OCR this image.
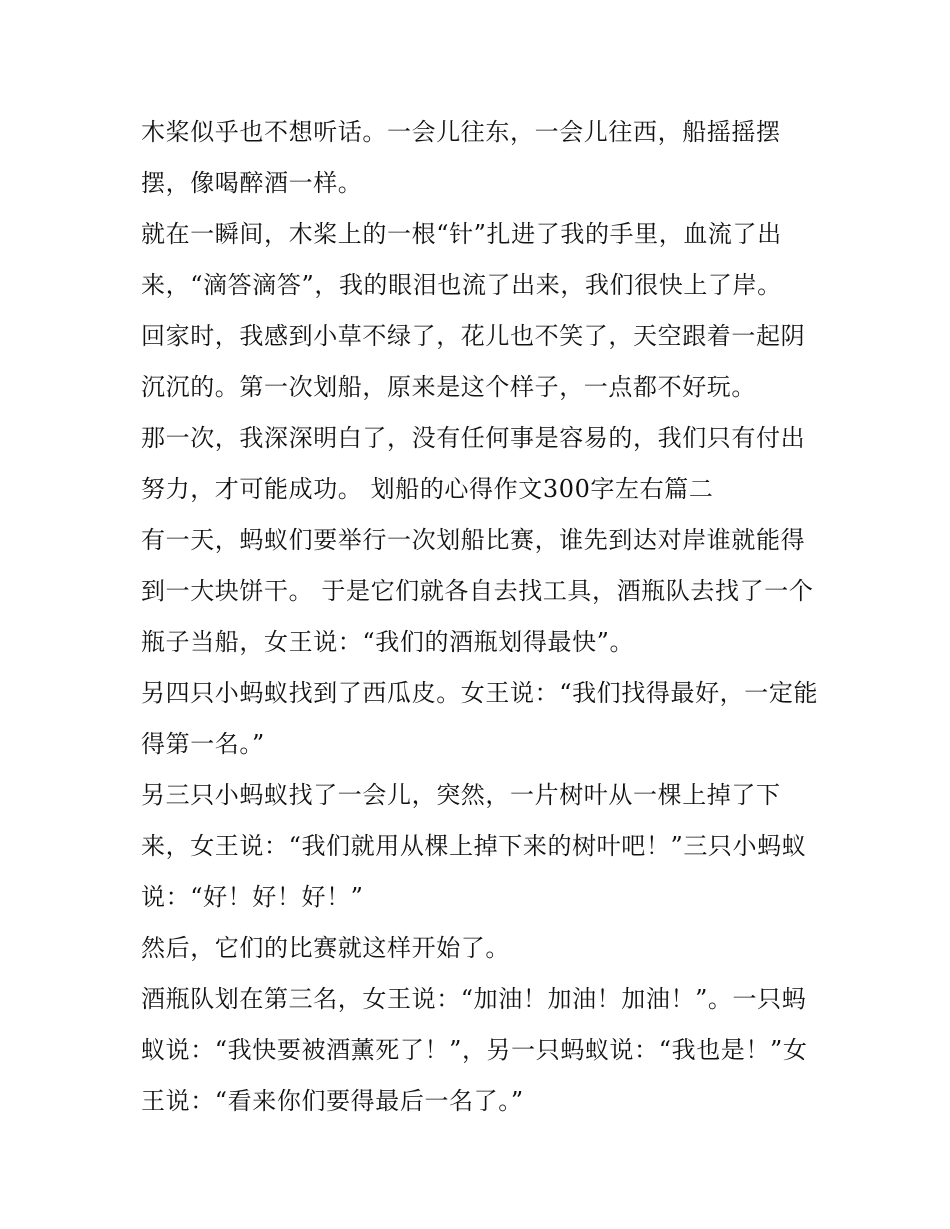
木桨似乎也不想听话。一会儿往东，一会儿往西，船摇摇摆摆，像喝醉酒一样。

就在一瞬间，木桨上的一根“针”扎进了我的手里，血流了出来，“滴答滴答”，我的眼泪也流了出来，我们很快上了岸。

回家时，我感到小草不绿了，花儿也不笑了，天空跟着一起阴沉沉的。第一次划船，原来是这个样子，一点都不好玩。

那一次，我深深明白了，没有任何事是容易的，我们只有付出努力，才可能成功。 划船的心得作文300字左右篇二

有一天，蚂蚁们要举行一次划船比赛，谁先到达对岸谁就能得到一大块饼干。 于是它们就各自去找工具，酒瓶队去找了一个瓶子当船，女王说：“我们的酒瓶划得最快”。

另四只小蚂蚁找到了西瓜皮。女王说：“我们找得最好，一定能得第一名。”

另三只小蚂蚁找了一会儿，突然，一片树叶从一棵上掉了下来，女王说：“我们就用从棵上掉下来的树叶吧！”三只小蚂蚁说：“好！好！好！”

然后，它们的比赛就这样开始了。

酒瓶队划在第三名，女王说：“加油！加油！加油！”。一只蚂蚁说：“我快要被酒薰死了！”，另一只蚂蚁说：“我也是！”女王说：“看来你们要得最后一名了。”
